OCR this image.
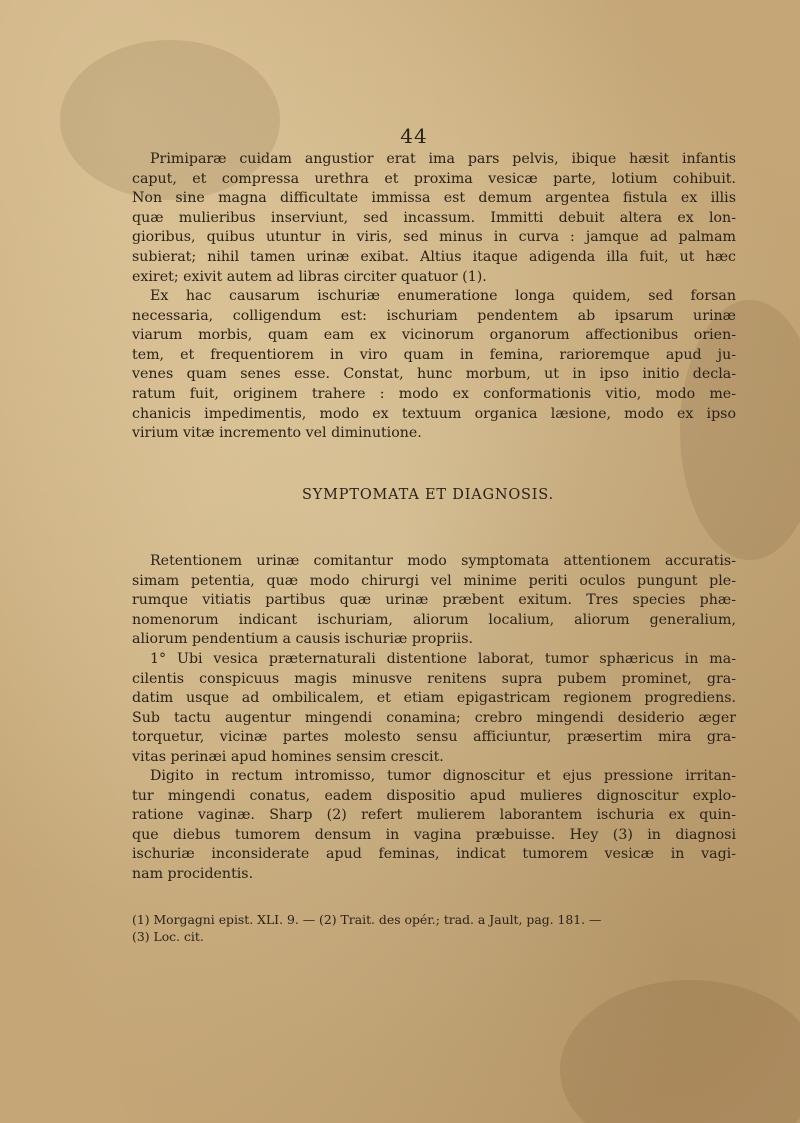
44
Primiparæ cuidam angustior erat ima pars pelvis, ibique hæsit infantis
caput, et compressa urethra et proxima vesicæ parte, lotium cohibuit.
Non sine magna difficultate immissa est demum argentea fistula ex illis
quæ mulieribus inserviunt, sed incassum. Immitti debuit altera ex lon-
gioribus, quibus utuntur in viris, sed minus in curva : jamque ad palmam
subierat; nihil tamen urinæ exibat. Altius itaque adigenda illa fuit, ut hæc
exiret; exivit autem ad libras circiter quatuor (1).
Ex hac causarum ischuriæ enumeratione longa quidem, sed forsan
necessaria, colligendum est: ischuriam pendentem ab ipsarum urinæ
viarum morbis, quam eam ex vicinorum organorum affectionibus orien-
tem, et frequentiorem in viro quam in femina, rarioremque apud ju-
venes quam senes esse. Constat, hunc morbum, ut in ipso initio decla-
ratum fuit, originem trahere : modo ex conformationis vitio, modo me-
chanicis impedimentis, modo ex textuum organica læsione, modo ex ipso
virium vitæ incremento vel diminutione.
SYMPTOMATA ET DIAGNOSIS.
Retentionem urinæ comitantur modo symptomata attentionem accuratis-
simam petentia, quæ modo chirurgi vel minime periti oculos pungunt ple-
rumque vitiatis partibus quæ urinæ præbent exitum. Tres species phæ-
nomenorum indicant ischuriam, aliorum localium, aliorum generalium,
aliorum pendentium a causis ischuriæ propriis.
1° Ubi vesica præternaturali distentione laborat, tumor sphæricus in ma-
cilentis conspicuus magis minusve renitens supra pubem prominet, gra-
datim usque ad ombilicalem, et etiam epigastricam regionem progrediens.
Sub tactu augentur mingendi conamina; crebro mingendi desiderio æger
torquetur, vicinæ partes molesto sensu afficiuntur, præsertim mira gra-
vitas perinæi apud homines sensim crescit.
Digito in rectum intromisso, tumor dignoscitur et ejus pressione irritan-
tur mingendi conatus, eadem dispositio apud mulieres dignoscitur explo-
ratione vaginæ. Sharp (2) refert mulierem laborantem ischuria ex quin-
que diebus tumorem densum in vagina præbuisse. Hey (3) in diagnosi
ischuriæ inconsiderate apud feminas, indicat tumorem vesicæ in vagi-
nam procidentis.
(1) Morgagni epist. XLI. 9. — (2) Trait. des opér.; trad. a Jault, pag. 181. —
(3) Loc. cit.
